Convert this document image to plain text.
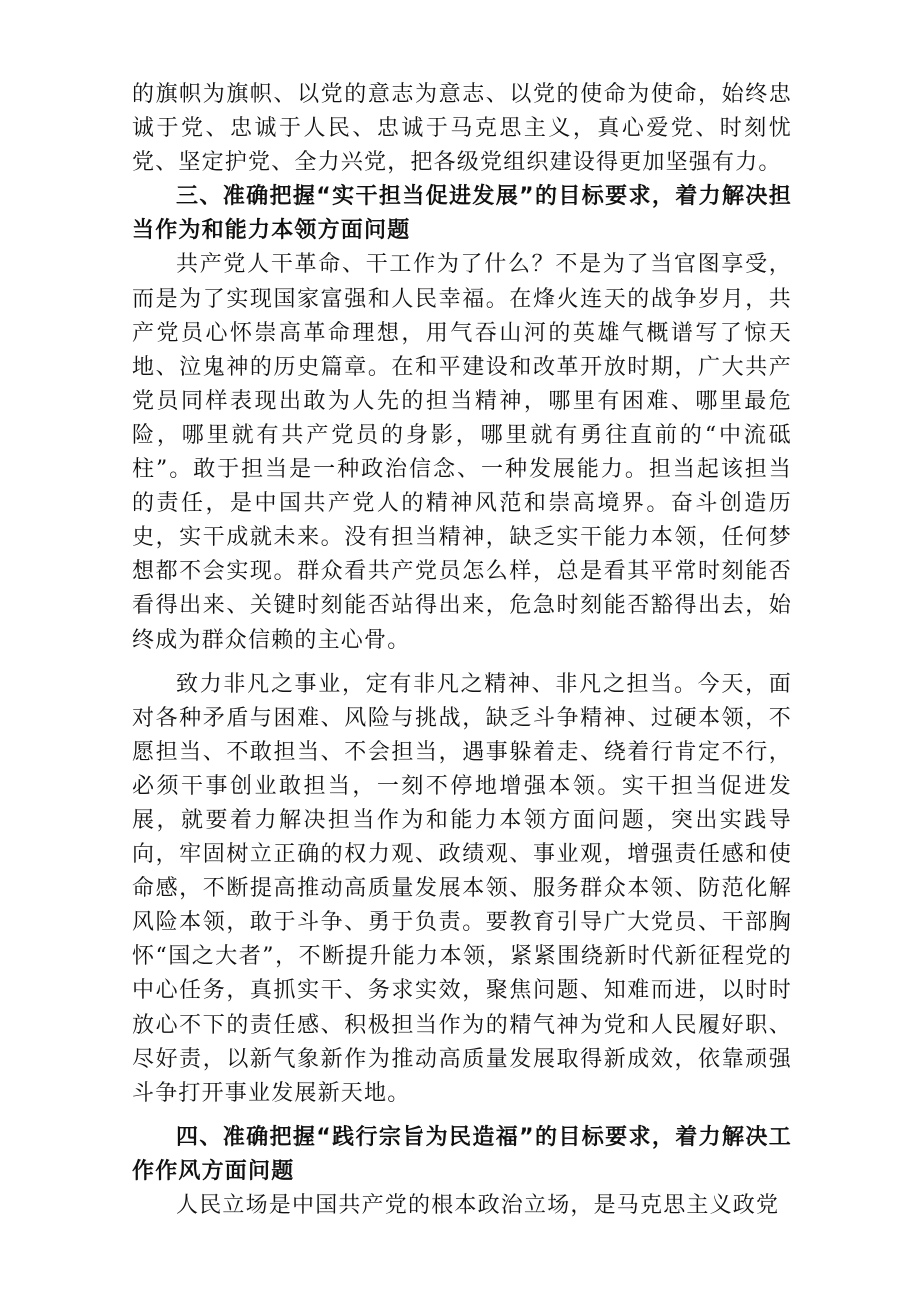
的旗帜为旗帜、以党的意志为意志、以党的使命为使命，始终忠诚于党、忠诚于人民、忠诚于马克思主义，真心爱党、时刻忧党、坚定护党、全力兴党，把各级党组织建设得更加坚强有力。

三、准确把握“实干担当促进发展”的目标要求，着力解决担当作为和能力本领方面问题

共产党人干革命、干工作为了什么？不是为了当官图享受，而是为了实现国家富强和人民幸福。在烽火连天的战争岁月，共产党员心怀崇高革命理想，用气吞山河的英雄气概谱写了惊天地、泣鬼神的历史篇章。在和平建设和改革开放时期，广大共产党员同样表现出敢为人先的担当精神，哪里有困难、哪里最危险，哪里就有共产党员的身影，哪里就有勇往直前的“中流砥柱”。敢于担当是一种政治信念、一种发展能力。担当起该担当的责任，是中国共产党人的精神风范和崇高境界。奋斗创造历史，实干成就未来。没有担当精神，缺乏实干能力本领，任何梦想都不会实现。群众看共产党员怎么样，总是看其平常时刻能否看得出来、关键时刻能否站得出来，危急时刻能否豁得出去，始终成为群众信赖的主心骨。

致力非凡之事业，定有非凡之精神、非凡之担当。今天，面对各种矛盾与困难、风险与挑战，缺乏斗争精神、过硬本领，不愿担当、不敢担当、不会担当，遇事躲着走、绕着行肯定不行，必须干事创业敢担当，一刻不停地增强本领。实干担当促进发展，就要着力解决担当作为和能力本领方面问题，突出实践导向，牢固树立正确的权力观、政绩观、事业观，增强责任感和使命感，不断提高推动高质量发展本领、服务群众本领、防范化解风险本领，敢于斗争、勇于负责。要教育引导广大党员、干部胸怀“国之大者”，不断提升能力本领，紧紧围绕新时代新征程党的中心任务，真抓实干、务求实效，聚焦问题、知难而进，以时时放心不下的责任感、积极担当作为的精气神为党和人民履好职、尽好责，以新气象新作为推动高质量发展取得新成效，依靠顽强斗争打开事业发展新天地。

四、准确把握“践行宗旨为民造福”的目标要求，着力解决工作作风方面问题

人民立场是中国共产党的根本政治立场，是马克思主义政党
